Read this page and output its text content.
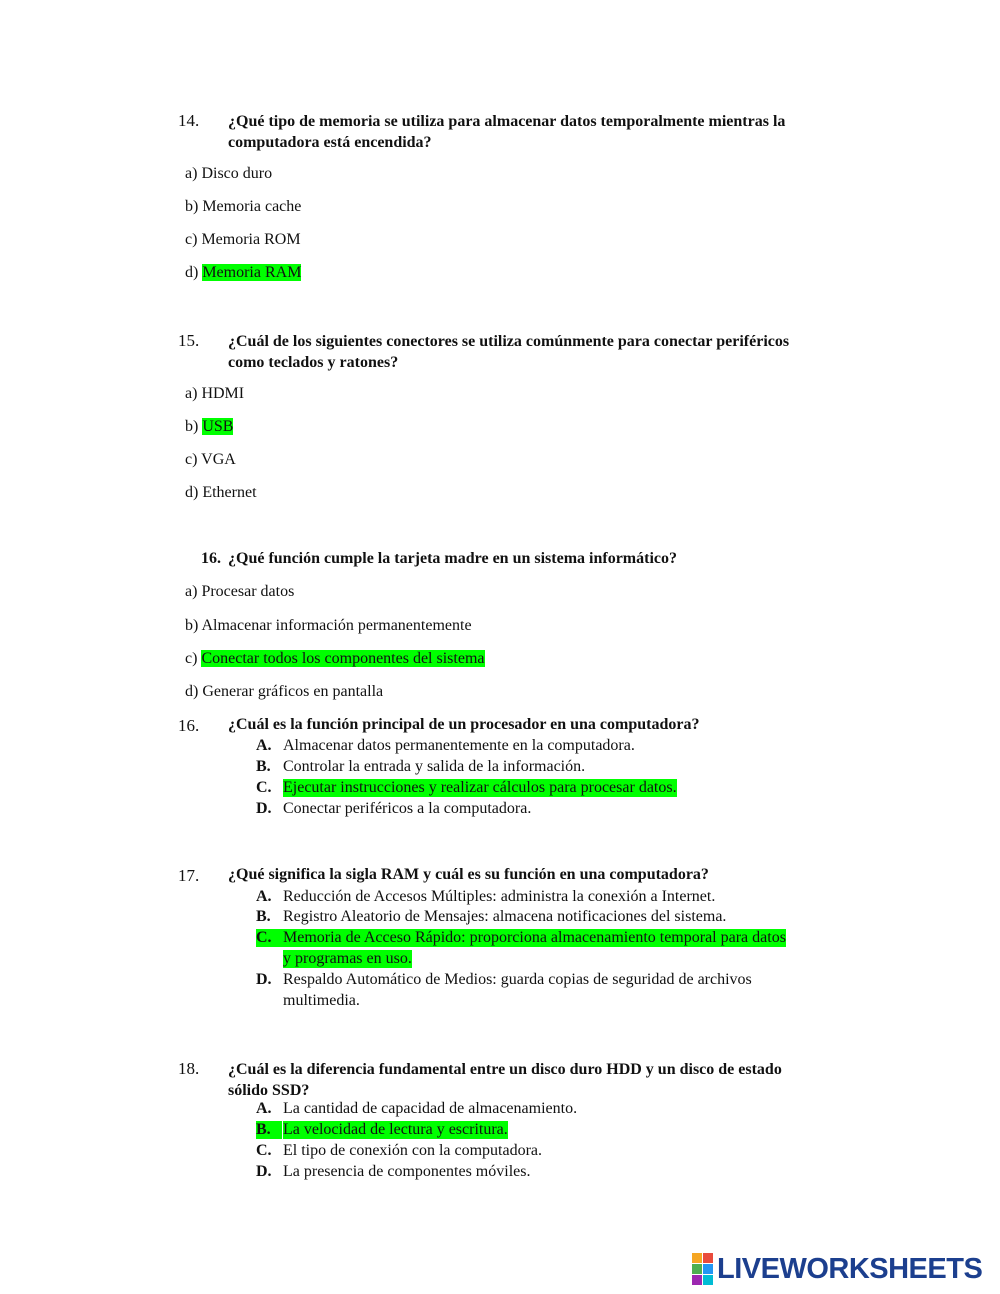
14. ¿Qué tipo de memoria se utiliza para almacenar datos temporalmente mientras la
computadora está encendida?
a) Disco duro
b) Memoria cache
c) Memoria ROM
d) Memoria RAM
15. ¿Cuál de los siguientes conectores se utiliza comúnmente para conectar periféricos
como teclados y ratones?
a) HDMI
b) USB
c) VGA
d) Ethernet
16. ¿Qué función cumple la tarjeta madre en un sistema informático?
a) Procesar datos
b) Almacenar información permanentemente
c) Conectar todos los componentes del sistema
d) Generar gráficos en pantalla
16. ¿Cuál es la función principal de un procesador en una computadora?
A. Almacenar datos permanentemente en la computadora.
B. Controlar la entrada y salida de la información.
C. Ejecutar instrucciones y realizar cálculos para procesar datos.
D. Conectar periféricos a la computadora.
17. ¿Qué significa la sigla RAM y cuál es su función en una computadora?
A. Reducción de Accesos Múltiples: administra la conexión a Internet.
B. Registro Aleatorio de Mensajes: almacena notificaciones del sistema.
C. Memoria de Acceso Rápido: proporciona almacenamiento temporal para datos
y programas en uso.
D. Respaldo Automático de Medios: guarda copias de seguridad de archivos
multimedia.
18. ¿Cuál es la diferencia fundamental entre un disco duro HDD y un disco de estado
sólido SSD?
A. La cantidad de capacidad de almacenamiento.
B. La velocidad de lectura y escritura.
C. El tipo de conexión con la computadora.
D. La presencia de componentes móviles.
LIVEWORKSHEETS
